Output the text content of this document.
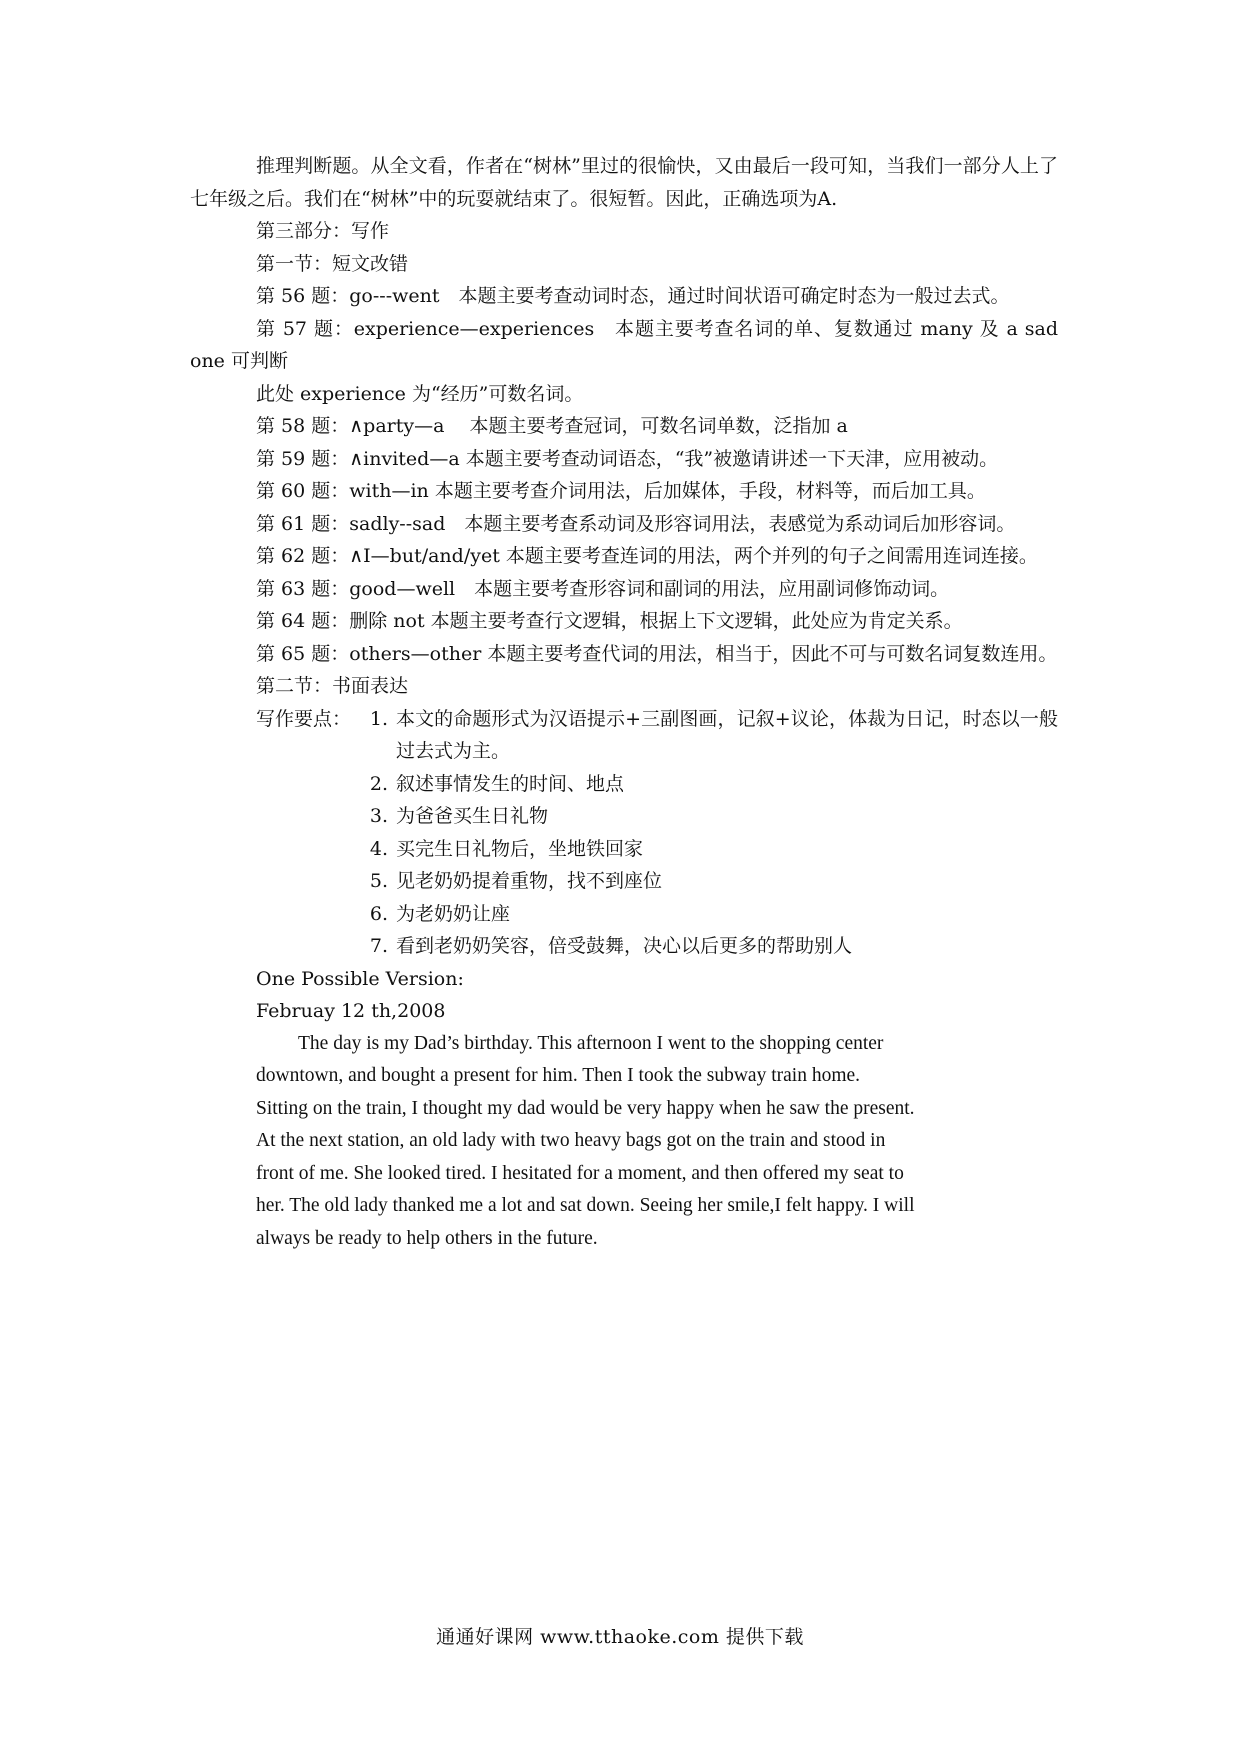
推理判断题。从全文看，作者在“树林”里过的很愉快，又由最后一段可知，当我们一部分人上了七年级之后。我们在“树林”中的玩耍就结束了。很短暂。因此，正确选项为A.

第三部分：写作

第一节：短文改错

第 56 题：go---went　本题主要考查动词时态，通过时间状语可确定时态为一般过去式。

第 57 题：experience—experiences　本题主要考查名词的单、复数通过 many 及 a sad one 可判断

此处 experience 为“经历”可数名词。

第 58 题：∧party—a　 本题主要考查冠词，可数名词单数，泛指加 a

第 59 题：∧invited—a 本题主要考查动词语态，“我”被邀请讲述一下天津，应用被动。

第 60 题：with—in 本题主要考查介词用法，后加媒体，手段，材料等，而后加工具。

第 61 题：sadly--sad　本题主要考查系动词及形容词用法，表感觉为系动词后加形容词。

第 62 题：∧I—but/and/yet 本题主要考查连词的用法，两个并列的句子之间需用连词连接。

第 63 题：good—well　本题主要考查形容词和副词的用法，应用副词修饰动词。

第 64 题：删除 not 本题主要考查行文逻辑，根据上下文逻辑，此处应为肯定关系。

第 65 题：others—other 本题主要考查代词的用法，相当于，因此不可与可数名词复数连用。

第二节：书面表达

写作要点： 1. 本文的命题形式为汉语提示+三副图画，记叙+议论，体裁为日记，时态以一般过去式为主。
2. 叙述事情发生的时间、地点
3. 为爸爸买生日礼物
4. 买完生日礼物后，坐地铁回家
5. 见老奶奶提着重物，找不到座位
6. 为老奶奶让座
7. 看到老奶奶笑容，倍受鼓舞，决心以后更多的帮助别人

One Possible Version:

Februay 12 th,2008

The day is my Dad’s birthday. This afternoon I went to the shopping center downtown, and bought a present for him. Then I took the subway train home. Sitting on the train, I thought my dad would be very happy when he saw the present. At the next station, an old lady with two heavy bags got on the train and stood in front of me. She looked tired. I hesitated for a moment, and then offered my seat to her. The old lady thanked me a lot and sat down. Seeing her smile,I felt happy. I will always be ready to help others in the future.

通通好课网 www.tthaoke.com 提供下载
